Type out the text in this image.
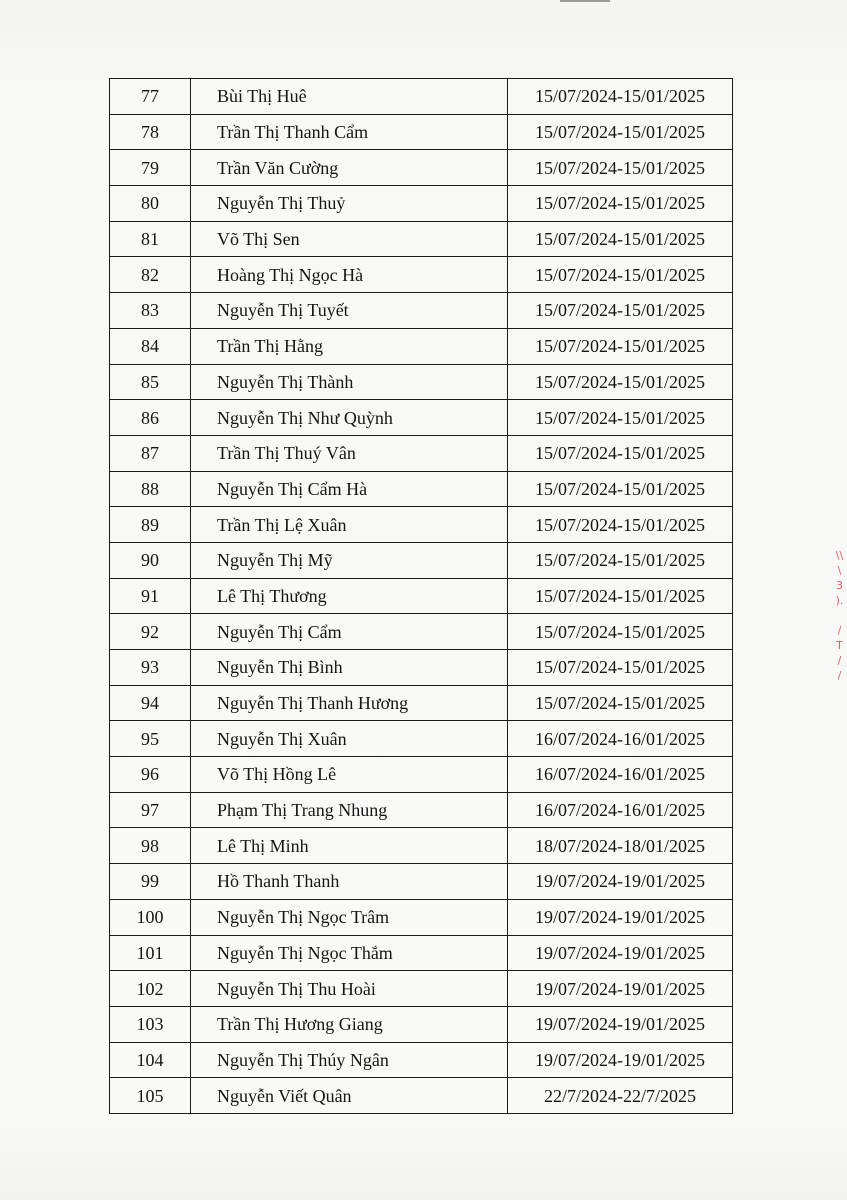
77	Bùi Thị Huê	15/07/2024-15/01/2025
78	Trần Thị Thanh Cẩm	15/07/2024-15/01/2025
79	Trần Văn Cường	15/07/2024-15/01/2025
80	Nguyễn Thị Thuỷ	15/07/2024-15/01/2025
81	Võ Thị Sen	15/07/2024-15/01/2025
82	Hoàng Thị Ngọc Hà	15/07/2024-15/01/2025
83	Nguyễn Thị Tuyết	15/07/2024-15/01/2025
84	Trần Thị Hằng	15/07/2024-15/01/2025
85	Nguyễn Thị Thành	15/07/2024-15/01/2025
86	Nguyễn Thị Như Quỳnh	15/07/2024-15/01/2025
87	Trần Thị Thuý Vân	15/07/2024-15/01/2025
88	Nguyễn Thị Cẩm Hà	15/07/2024-15/01/2025
89	Trần Thị Lệ Xuân	15/07/2024-15/01/2025
90	Nguyễn Thị Mỹ	15/07/2024-15/01/2025
91	Lê Thị Thương	15/07/2024-15/01/2025
92	Nguyễn Thị Cẩm	15/07/2024-15/01/2025
93	Nguyễn Thị Bình	15/07/2024-15/01/2025
94	Nguyễn Thị Thanh Hương	15/07/2024-15/01/2025
95	Nguyễn Thị Xuân	16/07/2024-16/01/2025
96	Võ Thị Hồng Lê	16/07/2024-16/01/2025
97	Phạm Thị Trang Nhung	16/07/2024-16/01/2025
98	Lê Thị Minh	18/07/2024-18/01/2025
99	Hồ Thanh Thanh	19/07/2024-19/01/2025
100	Nguyễn Thị Ngọc Trâm	19/07/2024-19/01/2025
101	Nguyễn Thị Ngọc Thắm	19/07/2024-19/01/2025
102	Nguyễn Thị Thu Hoài	19/07/2024-19/01/2025
103	Trần Thị Hương Giang	19/07/2024-19/01/2025
104	Nguyễn Thị Thúy Ngân	19/07/2024-19/01/2025
105	Nguyễn Viết Quân	22/7/2024-22/7/2025
\\
\
3
).

/
T
/
/
